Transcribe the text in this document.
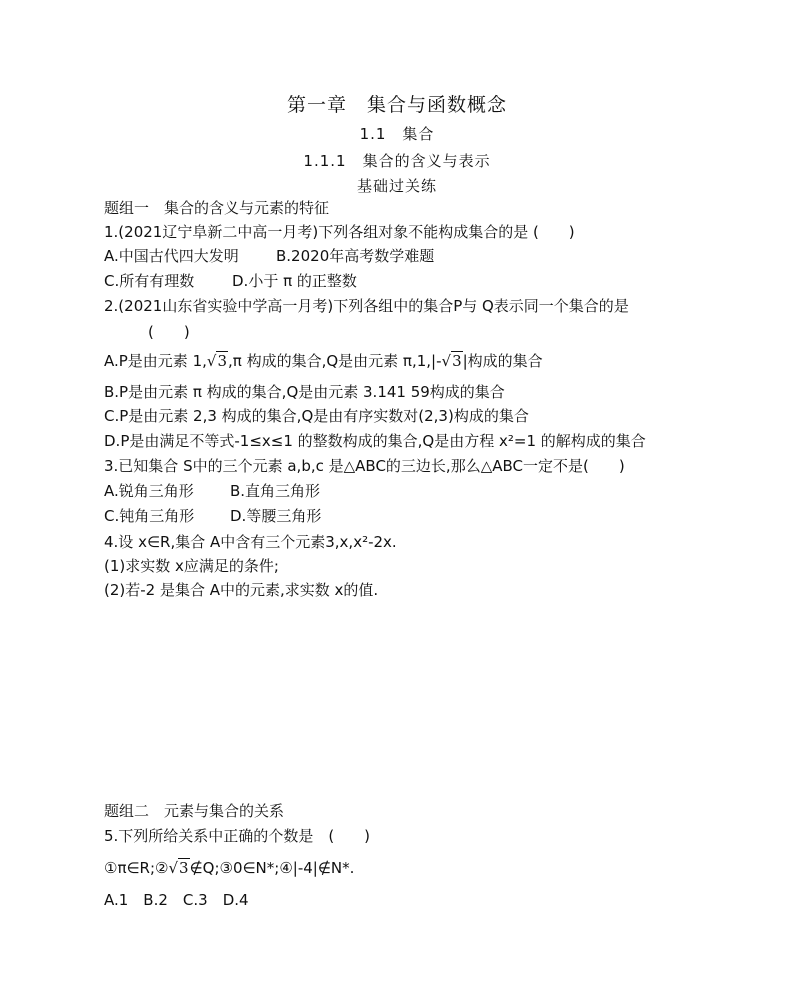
第一章　集合与函数概念
1.1　集合
1.1.1　集合的含义与表示
基础过关练
题组一　集合的含义与元素的特征
1.(2021辽宁阜新二中高一月考)下列各组对象不能构成集合的是 (　　)
A.中国古代四大发明 B.2020年高考数学难题
C.所有有理数	D.小于 π 的正整数
2.(2021山东省实验中学高一月考)下列各组中的集合P与 Q表示同一个集合的是
(　　)
A.P是由元素 1,√3,π 构成的集合,Q是由元素 π,1,|-√3|构成的集合
B.P是由元素 π 构成的集合,Q是由元素 3.141 59构成的集合
C.P是由元素 2,3 构成的集合,Q是由有序实数对(2,3)构成的集合
D.P是由满足不等式-1≤x≤1 的整数构成的集合,Q是由方程 x²=1 的解构成的集合
3.已知集合 S中的三个元素 a,b,c 是△ABC的三边长,那么△ABC一定不是(　　)
A.锐角三角形 B.直角三角形
C.钝角三角形 D.等腰三角形
4.设 x∈R,集合 A中含有三个元素3,x,x²-2x.
(1)求实数 x应满足的条件;
(2)若-2 是集合 A中的元素,求实数 x的值.
题组二　元素与集合的关系
5.下列所给关系中正确的个数是　(　　)
①π∈R;②√3∉Q;③0∈N*;④|-4|∉N*.
A.1　B.2　C.3　D.4
